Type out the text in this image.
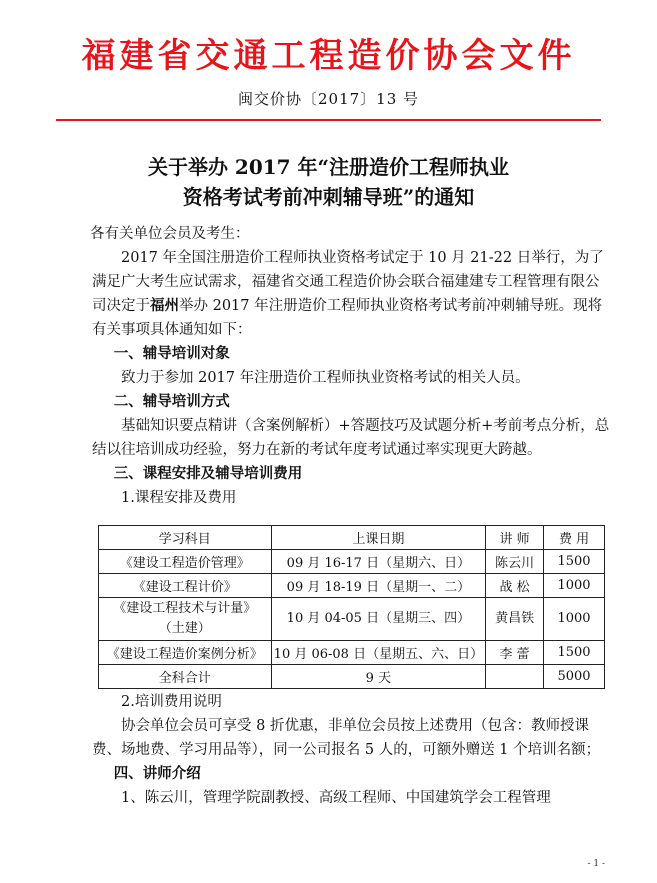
福建省交通工程造价协会文件
闽交价协〔2017〕13 号
关于举办 2017 年“注册造价工程师执业
资格考试考前冲刺辅导班”的通知

各有关单位会员及考生：

2017 年全国注册造价工程师执业资格考试定于 10 月 21-22 日举行，为了满足广大考生应试需求，福建省交通工程造价协会联合福建建专工程管理有限公司决定于福州举办 2017 年注册造价工程师执业资格考试考前冲刺辅导班。现将有关事项具体通知如下：

一、辅导培训对象

致力于参加 2017 年注册造价工程师执业资格考试的相关人员。

二、辅导培训方式

基础知识要点精讲（含案例解析）+答题技巧及试题分析+考前考点分析，总结以往培训成功经验，努力在新的考试年度考试通过率实现更大跨越。

三、课程安排及辅导培训费用

1.课程安排及费用

学习科目	上课日期	讲 师	费 用
《建设工程造价管理》	09 月 16-17 日（星期六、日）	陈云川	1500
《建设工程计价》	09 月 18-19 日（星期一、二）	战 松	1000

《建设工程技术与计量》
（土建）	10 月 04-05 日（星期三、四）	黄昌铁	1000
《建设工程造价案例分析》	10 月 06-08 日（星期五、六、日）	李 蕾	1500
全科合计	9 天		5000

2.培训费用说明

协会单位会员可享受 8 折优惠，非单位会员按上述费用（包含：教师授课费、场地费、学习用品等），同一公司报名 5 人的，可额外赠送 1 个培训名额；

四、讲师介绍

1、陈云川，管理学院副教授、高级工程师、中国建筑学会工程管理

- 1 -
